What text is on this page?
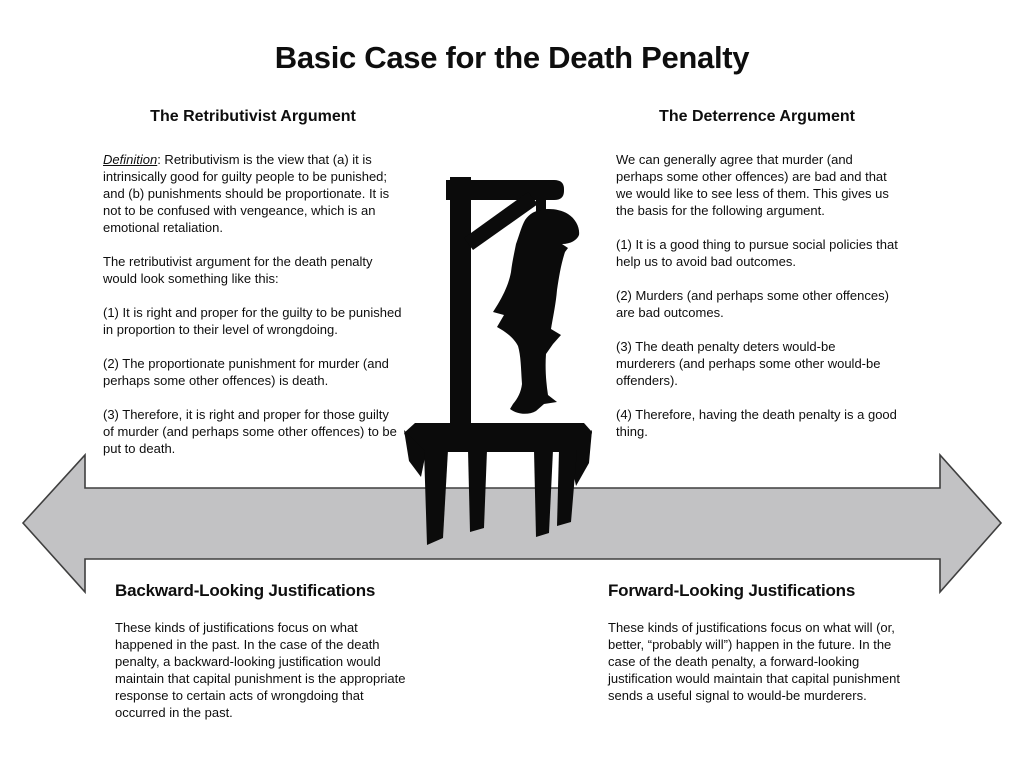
Basic Case for the Death Penalty
The Retributivist Argument

Definition: Retributivism is the view that (a) it is intrinsically good for guilty people to be punished; and (b) punishments should be proportionate. It is not to be confused with vengeance, which is an emotional retaliation.

The retributivist argument for the death penalty would look something like this:

(1) It is right and proper for the guilty to be punished in proportion to their level of wrongdoing.

(2) The proportionate punishment for murder (and perhaps some other offences) is death.

(3) Therefore, it is right and proper for those guilty of murder (and perhaps some other offences) to be put to death.

The Deterrence Argument

We can generally agree that murder (and perhaps some other offences) are bad and that we would like to see less of them. This gives us the basis for the following argument.

(1) It is a good thing to pursue social policies that help us to avoid bad outcomes.

(2) Murders (and perhaps some other offences) are bad outcomes.

(3) The death penalty deters would-be murderers (and perhaps some other would-be offenders).

(4) Therefore, having the death penalty is a good thing.

Backward-Looking Justifications

These kinds of justifications focus on what happened in the past. In the case of the death penalty, a backward-looking justification would maintain that capital punishment is the appropriate response to certain acts of wrongdoing that occurred in the past.

Forward-Looking Justifications

These kinds of justifications focus on what will (or, better, “probably will”) happen in the future. In the case of the death penalty, a forward-looking justification would maintain that capital punishment sends a useful signal to would-be murderers.
